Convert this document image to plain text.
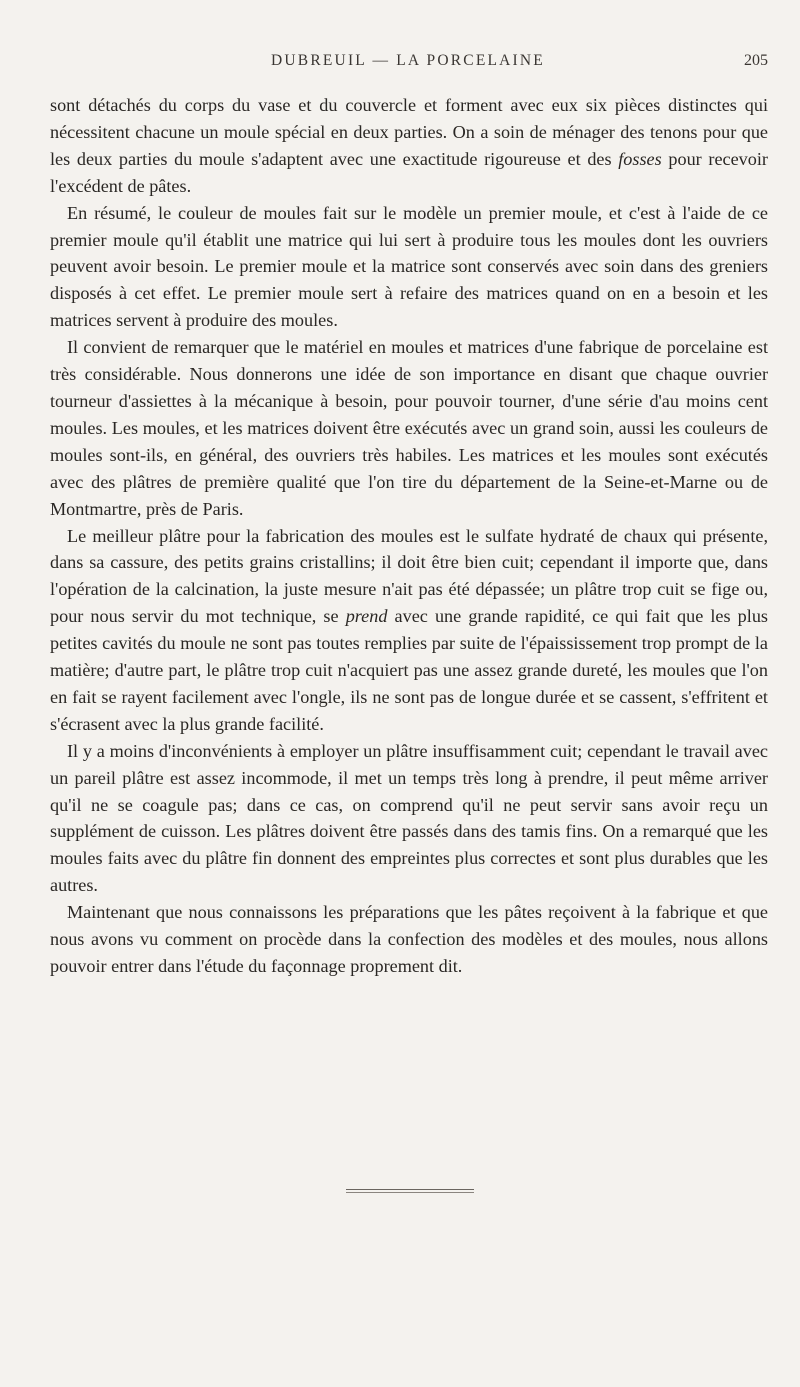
DUBREUIL — LA PORCELAINE	205

sont détachés du corps du vase et du couvercle et forment avec eux six pièces distinctes qui nécessitent chacune un moule spécial en deux parties. On a soin de ménager des tenons pour que les deux parties du moule s'adaptent avec une exactitude rigoureuse et des fosses pour recevoir l'excédent de pâtes.

En résumé, le couleur de moules fait sur le modèle un premier moule, et c'est à l'aide de ce premier moule qu'il établit une matrice qui lui sert à produire tous les moules dont les ouvriers peuvent avoir besoin. Le premier moule et la matrice sont conservés avec soin dans des greniers disposés à cet effet. Le premier moule sert à refaire des matrices quand on en a besoin et les matrices servent à produire des moules.

Il convient de remarquer que le matériel en moules et matrices d'une fabrique de porcelaine est très considérable. Nous donnerons une idée de son importance en disant que chaque ouvrier tourneur d'assiettes à la mécanique à besoin, pour pouvoir tourner, d'une série d'au moins cent moules. Les moules, et les matrices doivent être exécutés avec un grand soin, aussi les couleurs de moules sont-ils, en général, des ouvriers très habiles. Les matrices et les moules sont exécutés avec des plâtres de première qualité que l'on tire du département de la Seine-et-Marne ou de Montmartre, près de Paris.

Le meilleur plâtre pour la fabrication des moules est le sulfate hydraté de chaux qui présente, dans sa cassure, des petits grains cristallins; il doit être bien cuit; cependant il importe que, dans l'opération de la calcination, la juste mesure n'ait pas été dépassée; un plâtre trop cuit se fige ou, pour nous servir du mot technique, se prend avec une grande rapidité, ce qui fait que les plus petites cavités du moule ne sont pas toutes remplies par suite de l'épaississement trop prompt de la matière; d'autre part, le plâtre trop cuit n'acquiert pas une assez grande dureté, les moules que l'on en fait se rayent facilement avec l'ongle, ils ne sont pas de longue durée et se cassent, s'effritent et s'écrasent avec la plus grande facilité.

Il y a moins d'inconvénients à employer un plâtre insuffisamment cuit; cependant le travail avec un pareil plâtre est assez incommode, il met un temps très long à prendre, il peut même arriver qu'il ne se coagule pas; dans ce cas, on comprend qu'il ne peut servir sans avoir reçu un supplément de cuisson. Les plâtres doivent être passés dans des tamis fins. On a remarqué que les moules faits avec du plâtre fin donnent des empreintes plus correctes et sont plus durables que les autres.

Maintenant que nous connaissons les préparations que les pâtes reçoivent à la fabrique et que nous avons vu comment on procède dans la confection des modèles et des moules, nous allons pouvoir entrer dans l'étude du façonnage proprement dit.
